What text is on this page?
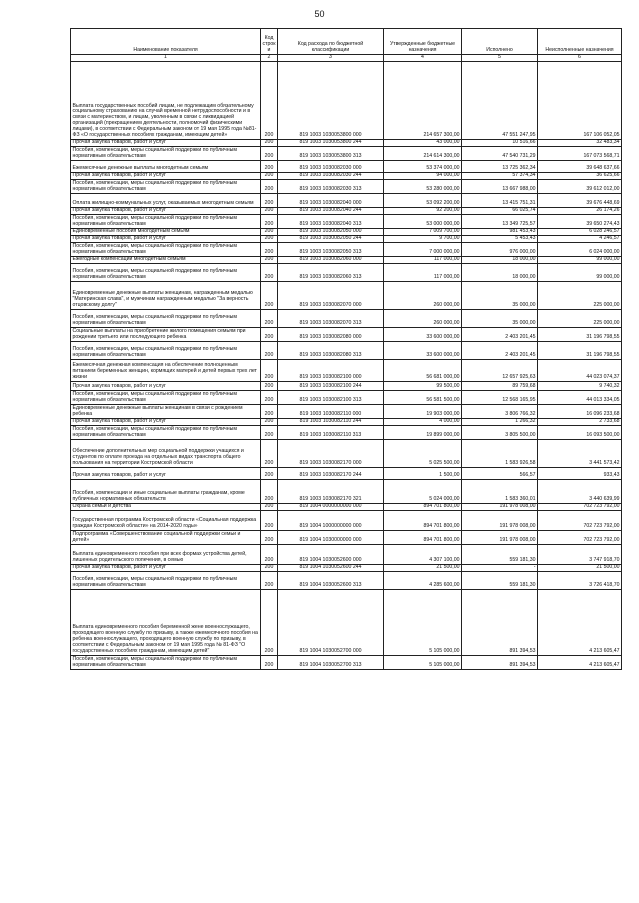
50
Наименование показателя	Код строк и	Код расхода по бюджетной классификации	Утвержденные бюджетные назначения	Исполнено	Неисполненные назначения
1	2	3	4	5	6
Выплата государственных пособий лицам, не подлежащим обязательному социальному страхованию на случай временной нетрудоспособности и в связи с материнством, и лицам, уволенным в связи с ликвидацией организаций (прекращением деятельности, полномочий физическими лицами), в соответствии с Федеральным законом от 19 мая 1995 года №81-ФЗ «О государственных пособиях гражданам, имеющим детей»	200	819 1003 1030053800 000	214 657 300,00	47 551 247,95	167 106 052,05
Прочая закупка товаров, работ и услуг	200	819 1003 1030053800 244	43 000,00	10 516,66	32 483,34
Пособия, компенсации, меры социальной поддержки по публичным нормативным обязательствам	200	819 1003 1030053800 313	214 614 300,00	47 540 731,29	167 073 568,71
Ежемесячные денежные выплаты многодетным семьям	200	819 1003 1030082030 000	53 374 000,00	13 725 362,34	39 648 637,66
Прочая закупка товаров, работ и услуг	200	819 1003 1030082030 244	94 000,00	57 374,34	36 625,66
Пособия, компенсации, меры социальной поддержки по публичным нормативным обязательствам	200	819 1003 1030082030 313	53 280 000,00	13 667 988,00	39 612 012,00
Оплата жилищно-коммунальных услуг, оказываемых многодетным семьям	200	819 1003 1030082040 000	53 092 200,00	13 415 751,31	39 676 448,69
Прочая закупка товаров, работ и услуг	200	819 1003 1030082040 244	92 200,00	66 025,74	26 174,26
Пособия, компенсации, меры социальной поддержки по публичным нормативным обязательствам	200	819 1003 1030082040 313	53 000 000,00	13 349 725,57	39 650 274,43
Единовременные пособия многодетным семьям	200	819 1003 1030082050 000	7 009 700,00	981 453,43	6 028 246,57
Прочая закупка товаров, работ и услуг	200	819 1003 1030082050 244	9 700,00	5 453,43	4 246,57
Пособия, компенсации, меры социальной поддержки по публичным нормативным обязательствам	200	819 1003 1030082050 313	7 000 000,00	976 000,00	6 024 000,00
Ежегодные компенсации многодетным семьям	200	819 1003 1030082060 000	117 000,00	18 000,00	99 000,00
Пособия, компенсации, меры социальной поддержки по публичным нормативным обязательствам	200	819 1003 1030082060 313	117 000,00	18 000,00	99 000,00
Единовременные денежные выплаты женщинам, награжденным медалью "Материнская слава", и мужчинам награжденным медалью "За верность отцовскому долгу"	200	819 1003 1030082070 000	260 000,00	35 000,00	225 000,00
Пособия, компенсации, меры социальной поддержки по публичным нормативным обязательствам	200	819 1003 1030082070 313	260 000,00	35 000,00	225 000,00
Социальные выплаты на приобретение жилого помещения семьям при рождении третьего или последующего ребенка	200	819 1003 1030082080 000	33 600 000,00	2 403 201,45	31 196 798,55
Пособия, компенсации, меры социальной поддержки по публичным нормативным обязательствам	200	819 1003 1030082080 313	33 600 000,00	2 403 201,45	31 196 798,55
Ежемесячная денежная компенсация на обеспечение полноценным питанием беременных женщин, кормящих матерей и детей первых трех лет жизни	200	819 1003 1030082100 000	56 681 000,00	12 657 925,63	44 023 074,37
Прочая закупка товаров, работ и услуг	200	819 1003 1030082100 244	99 500,00	89 759,68	9 740,32
Пособия, компенсации, меры социальной поддержки по публичным нормативным обязательствам	200	819 1003 1030082100 313	56 581 500,00	12 568 165,95	44 013 334,05
Единовременные денежные выплаты женщинам в связи с рождением ребенка	200	819 1003 1030082110 000	19 903 000,00	3 806 766,32	16 096 233,68
Прочая закупка товаров, работ и услуг	200	819 1003 1030082110 244	4 000,00	1 266,32	2 733,68
Пособия, компенсации, меры социальной поддержки по публичным нормативным обязательствам	200	819 1003 1030082110 313	19 899 000,00	3 805 500,00	16 093 500,00
Обеспечение дополнительных мер социальной поддержки учащихся и студентов по оплате проезда на отдельных видах транспорта общего пользования на территории Костромской области	200	819 1003 1030082170 000	5 025 500,00	1 583 926,58	3 441 573,42
Прочая закупка товаров, работ и услуг	200	819 1003 1030082170 244	1 500,00	566,57	933,43
Пособия, компенсации и иные социальные выплаты гражданам, кроме публичных нормативных обязательств	200	819 1003 1030082170 321	5 024 000,00	1 583 360,01	3 440 639,99
Охрана семьи и детства	200	819 1004 0000000000 000	894 701 800,00	191 978 008,00	702 723 792,00
Государственная программа Костромской области «Социальная поддержка граждан Костромской области» на 2014-2020 годы»	200	819 1004 1000000000 000	894 701 800,00	191 978 008,00	702 723 792,00
Подпрограмма «Совершенствование социальной поддержки семьи и детей»	200	819 1004 1030000000 000	894 701 800,00	191 978 008,00	702 723 792,00
Выплата единовременного пособия при всех формах устройства детей, лишенных родительского попечения, в семью	200	819 1004 1030052600 000	4 307 100,00	559 181,30	3 747 918,70
Прочая закупка товаров, работ и услуг	200	819 1004 1030052600 244	21 500,00	-	21 500,00
Пособия, компенсации, меры социальной поддержки по публичным нормативным обязательствам	200	819 1004 1030052600 313	4 285 600,00	559 181,30	3 726 418,70
Выплата единовременного пособия беременной жене военнослужащего, проходящего военную службу по призыву, а также ежемесячного пособия на ребенка военнослужащего, проходящего военную службу по призыву, в соответствии с Федеральным законом от 19 мая 1995 года № 81-ФЗ "О государственных пособиях гражданам, имеющим детей"	200	819 1004 1030052700 000	5 105 000,00	891 394,53	4 213 605,47
Пособия, компенсации, меры социальной поддержки по публичным нормативным обязательствам	200	819 1004 1030052700 313	5 105 000,00	891 394,53	4 213 605,47
